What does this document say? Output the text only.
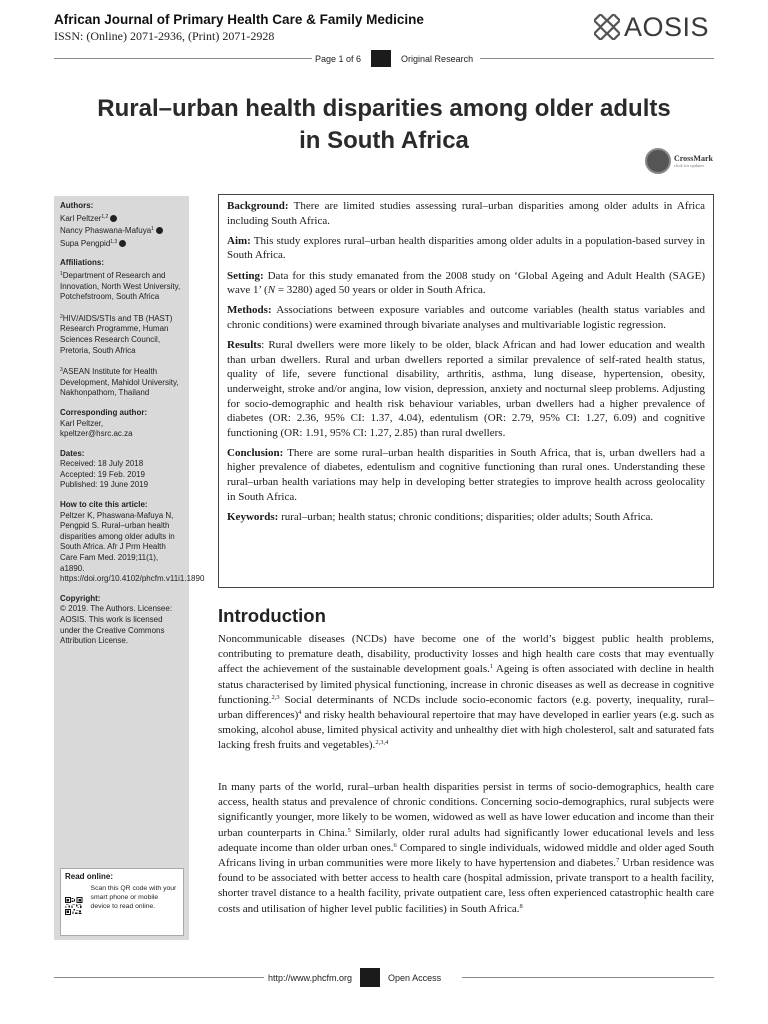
African Journal of Primary Health Care & Family Medicine
ISSN: (Online) 2071-2936, (Print) 2071-2928	AOSIS
Page 1 of 6	Original Research
Rural–urban health disparities among older adults
in South Africa
CrossMark
click for updates
Authors:
Karl Peltzer$^{1,2}$
Nancy Phaswana-Mafuya$^1$
Supa Pengpid$^{1,3}$
Affiliations:
$^1$Department of Research and Innovation, North West University, Potchefstroom, South Africa
$^2$HIV/AIDS/STIs and TB (HAST) Research Programme, Human Sciences Research Council, Pretoria, South Africa
$^3$ASEAN Institute for Health Development, Mahidol University, Nakhonpathom, Thailand
Corresponding author:
Karl Peltzer,
kpeltzer@hsrc.ac.za
Dates:
Received: 18 July 2018
Accepted: 19 Feb. 2019
Published: 19 June 2019
How to cite this article:
Peltzer K, Phaswana-Mafuya N, Pengpid S. Rural–urban health disparities among older adults in South Africa. Afr J Prm Health Care Fam Med. 2019;11(1), a1890. https://doi.org/10.4102/phcfm.v11i1.1890
Copyright:
© 2019. The Authors. Licensee: AOSIS. This work is licensed under the Creative Commons Attribution License.
Read online:
Scan this QR code with your smart phone or mobile device to read online.

Background: There are limited studies assessing rural–urban disparities among older adults in Africa including South Africa.

Aim: This study explores rural–urban health disparities among older adults in a population-based survey in South Africa.

Setting: Data for this study emanated from the 2008 study on ‘Global Ageing and Adult Health (SAGE) wave 1’ (N = 3280) aged 50 years or older in South Africa.

Methods: Associations between exposure variables and outcome variables (health status variables and chronic conditions) were examined through bivariate analyses and multivariable logistic regression.

Results: Rural dwellers were more likely to be older, black African and had lower education and wealth than urban dwellers. Rural and urban dwellers reported a similar prevalence of self-rated health status, quality of life, severe functional disability, arthritis, asthma, lung disease, hypertension, obesity, underweight, stroke and/or angina, low vision, depression, anxiety and nocturnal sleep problems. Adjusting for socio-demographic and health risk behaviour variables, urban dwellers had a higher prevalence of diabetes (OR: 2.36, 95% CI: 1.37, 4.04), edentulism (OR: 2.79, 95% CI: 1.27, 6.09) and cognitive functioning (OR: 1.91, 95% CI: 1.27, 2.85) than rural dwellers.

Conclusion: There are some rural–urban health disparities in South Africa, that is, urban dwellers had a higher prevalence of diabetes, edentulism and cognitive functioning than rural ones. Understanding these rural–urban health variations may help in developing better strategies to improve health across geolocality in South Africa.

Keywords: rural–urban; health status; chronic conditions; disparities; older adults; South Africa.

Introduction

Noncommunicable diseases (NCDs) have become one of the world’s biggest public health problems, contributing to premature death, disability, productivity losses and high health care costs that may eventually affect the achievement of the sustainable development goals.$^1$ Ageing is often associated with decline in health status characterised by limited physical functioning, increase in chronic diseases as well as decrease in cognitive functioning.$^{2,3}$ Social determinants of NCDs include socio-economic factors (e.g. poverty, inequality, rural–urban differences)$^4$ and risky health behavioural repertoire that may have developed in earlier years (e.g. such as smoking, alcohol abuse, limited physical activity and unhealthy diet with high cholesterol, salt and saturated fats lacking fresh fruits and vegetables).$^{2,3,4}$

In many parts of the world, rural–urban health disparities persist in terms of socio-demographics, health care access, health status and prevalence of chronic conditions. Concerning socio-demographics, rural subjects were significantly younger, more likely to be women, widowed as well as have lower education and income than their urban counterparts in China.$^5$ Similarly, older rural adults had significantly lower educational levels and less adequate income than older urban ones.$^6$ Compared to single individuals, widowed middle and older aged South Africans living in urban communities were more likely to have hypertension and diabetes.$^7$ Urban residence was found to be associated with better access to health care (hospital admission, private transport to a health facility, shorter travel distance to a health facility, private outpatient care, less often experienced catastrophic health care costs and utilisation of higher level public facilities) in South Africa.$^8$

http://www.phcfm.org	Open Access
